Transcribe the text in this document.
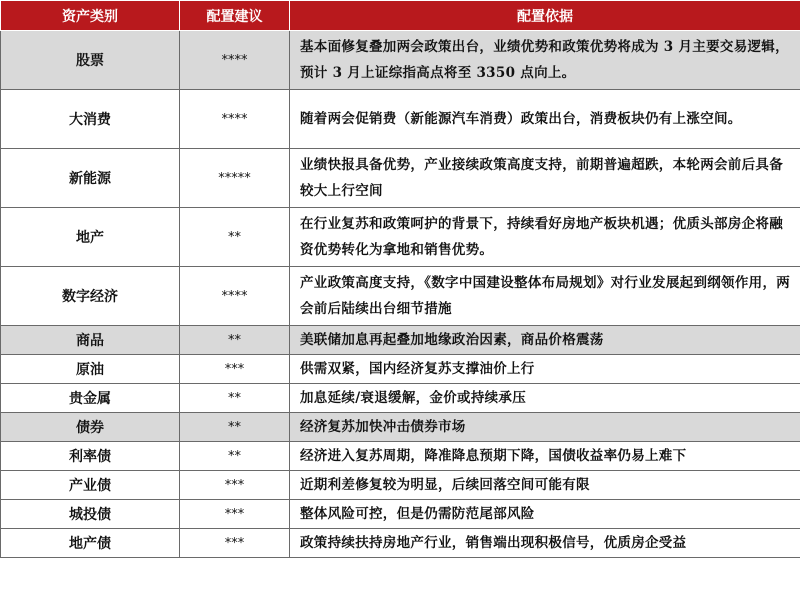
资产类别	配置建议	配置依据
股票	****	基本面修复叠加两会政策出台，业绩优势和政策优势将成为 3 月主要交易逻辑，预计 3 月上证综指高点将至 3350 点向上。
大消费	****	随着两会促销费（新能源汽车消费）政策出台，消费板块仍有上涨空间。
新能源	*****	业绩快报具备优势，产业接续政策高度支持，前期普遍超跌，本轮两会前后具备较大上行空间
地产	**	在行业复苏和政策呵护的背景下，持续看好房地产板块机遇；优质头部房企将融资优势转化为拿地和销售优势。
数字经济	****	产业政策高度支持，《数字中国建设整体布局规划》对行业发展起到纲领作用，两会前后陆续出台细节措施
商品	**	美联储加息再起叠加地缘政治因素，商品价格震荡
原油	***	供需双紧，国内经济复苏支撑油价上行
贵金属	**	加息延续/衰退缓解，金价或持续承压
债券	**	经济复苏加快冲击债券市场
利率债	**	经济进入复苏周期，降准降息预期下降，国债收益率仍易上难下
产业债	***	近期利差修复较为明显，后续回落空间可能有限
城投债	***	整体风险可控，但是仍需防范尾部风险
地产债	***	政策持续扶持房地产行业，销售端出现积极信号，优质房企受益
